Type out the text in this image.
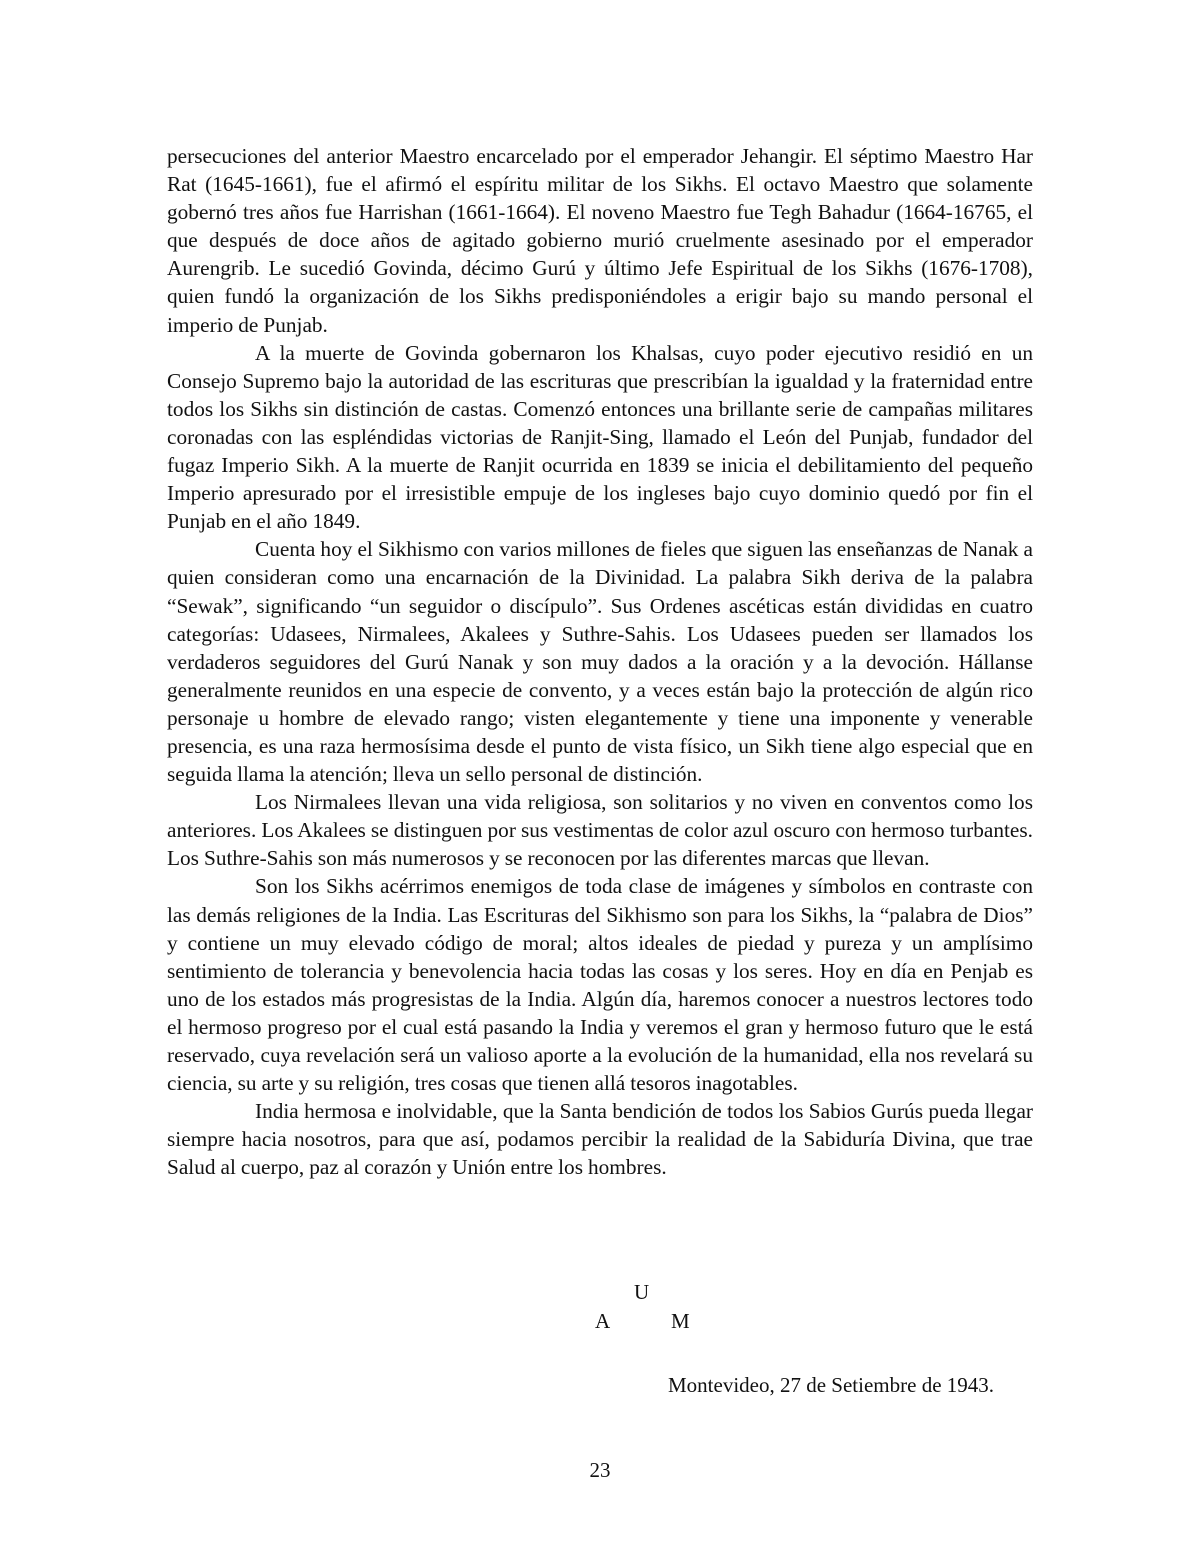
persecuciones del anterior Maestro encarcelado por el emperador Jehangir. El séptimo Maestro Har Rat (1645-1661), fue el afirmó el espíritu militar de los Sikhs. El octavo Maestro que solamente gobernó tres años fue Harrishan (1661-1664). El noveno Maestro fue Tegh Bahadur (1664-16765, el que después de doce años de agitado gobierno murió cruelmente asesinado por el emperador Aurengrib. Le sucedió Govinda, décimo Gurú y último Jefe Espiritual de los Sikhs (1676-1708), quien fundó la organización de los Sikhs predisponiéndoles a erigir bajo su mando personal el imperio de Punjab.

A la muerte de Govinda gobernaron los Khalsas, cuyo poder ejecutivo residió en un Consejo Supremo bajo la autoridad de las escrituras que prescribían la igualdad y la fraternidad entre todos los Sikhs sin distinción de castas. Comenzó entonces una brillante serie de campañas militares coronadas con las espléndidas victorias de Ranjit-Sing, llamado el León del Punjab, fundador del fugaz Imperio Sikh. A la muerte de Ranjit ocurrida en 1839 se inicia el debilitamiento del pequeño Imperio apresurado por el irresistible empuje de los ingleses bajo cuyo dominio quedó por fin el Punjab en el año 1849.

Cuenta hoy el Sikhismo con varios millones de fieles que siguen las enseñanzas de Nanak a quien consideran como una encarnación de la Divinidad. La palabra Sikh deriva de la palabra “Sewak”, significando “un seguidor o discípulo”. Sus Ordenes ascéticas están divididas en cuatro categorías: Udasees, Nirmalees, Akalees y Suthre-Sahis. Los Udasees pueden ser llamados los verdaderos seguidores del Gurú Nanak y son muy dados a la oración y a la devoción. Hállanse generalmente reunidos en una especie de convento, y a veces están bajo la protección de algún rico personaje u hombre de elevado rango; visten elegantemente y tiene una imponente y venerable presencia, es una raza hermosísima desde el punto de vista físico, un Sikh tiene algo especial que en seguida llama la atención; lleva un sello personal de distinción.

Los Nirmalees llevan una vida religiosa, son solitarios y no viven en conventos como los anteriores. Los Akalees se distinguen por sus vestimentas de color azul oscuro con hermoso turbantes. Los Suthre-Sahis son más numerosos y se reconocen por las diferentes marcas que llevan.

Son los Sikhs acérrimos enemigos de toda clase de imágenes y símbolos en contraste con las demás religiones de la India. Las Escrituras del Sikhismo son para los Sikhs, la “palabra de Dios” y contiene un muy elevado código de moral; altos ideales de piedad y pureza y un amplísimo sentimiento de tolerancia y benevolencia hacia todas las cosas y los seres. Hoy en día en Penjab es uno de los estados más progresistas de la India. Algún día, haremos conocer a nuestros lectores todo el hermoso progreso por el cual está pasando la India y veremos el gran y hermoso futuro que le está reservado, cuya revelación será un valioso aporte a la evolución de la humanidad, ella nos revelará su ciencia, su arte y su religión, tres cosas que tienen allá tesoros inagotables.

India hermosa e inolvidable, que la Santa bendición de todos los Sabios Gurús pueda llegar siempre hacia nosotros, para que así, podamos percibir la realidad de la Sabiduría Divina, que trae Salud al cuerpo, paz al corazón y Unión entre los hombres.

U
A	M
Montevideo, 27 de Setiembre de 1943.
23
